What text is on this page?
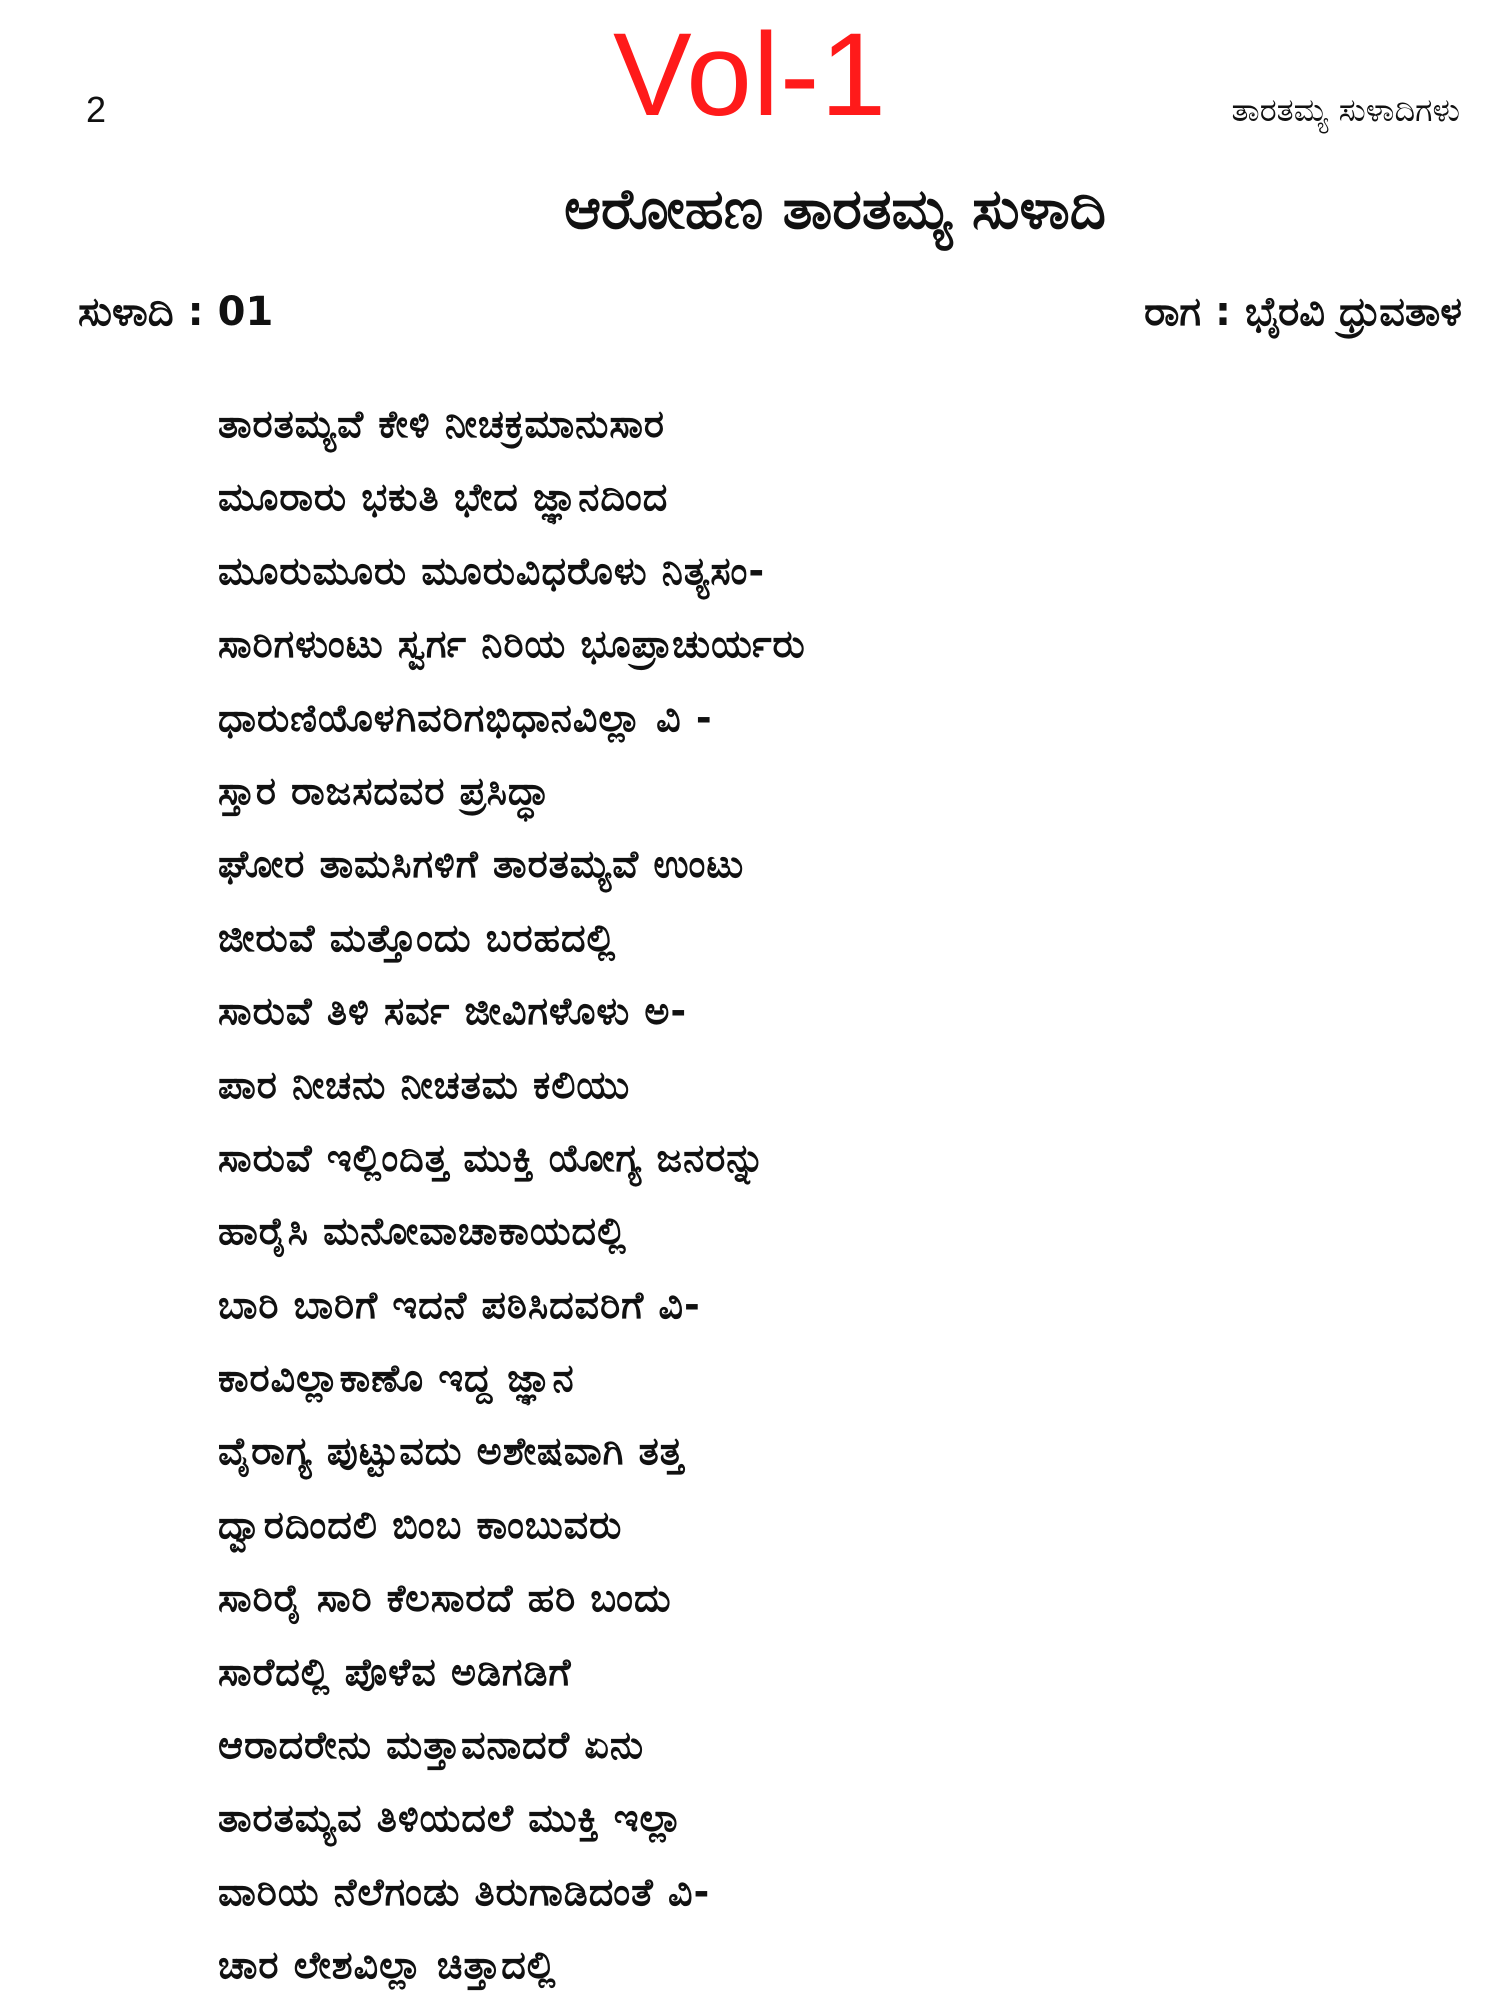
Vol-1
2	ತಾರತಮ್ಯ ಸುಳಾದಿಗಳು
ಆರೋಹಣ ತಾರತಮ್ಯ ಸುಳಾದಿ
ಸುಳಾದಿ : 01	ರಾಗ : ಭೈರವಿ ಧ್ರುವತಾಳ
ತಾರತಮ್ಯವೆ ಕೇಳಿ ನೀಚಕ್ರಮಾನುಸಾರ
ಮೂರಾರು ಭಕುತಿ ಭೇದ ಜ್ಞಾನದಿಂದ
ಮೂರುಮೂರು ಮೂರುವಿಧರೊಳು ನಿತ್ಯಸಂ-
ಸಾರಿಗಳುಂಟು ಸ್ವರ್ಗ ನಿರಿಯ ಭೂಪ್ರಾಚುರ್ಯರು
ಧಾರುಣಿಯೊಳಗಿವರಿಗಭಿಧಾನವಿಲ್ಲಾ ವಿ -
ಸ್ತಾರ ರಾಜಸದವರ ಪ್ರಸಿದ್ಧಾ
ಘೋರ ತಾಮಸಿಗಳಿಗೆ ತಾರತಮ್ಯವೆ ಉಂಟು
ಜೀರುವೆ ಮತ್ತೊಂದು ಬರಹದಲ್ಲಿ
ಸಾರುವೆ ತಿಳಿ ಸರ್ವ ಜೀವಿಗಳೊಳು ಅ-
ಪಾರ ನೀಚನು ನೀಚತಮ ಕಲಿಯು
ಸಾರುವೆ ಇಲ್ಲಿಂದಿತ್ತ ಮುಕ್ತಿ ಯೋಗ್ಯ ಜನರನ್ನು
ಹಾರೈಸಿ ಮನೋವಾಚಾಕಾಯದಲ್ಲಿ
ಬಾರಿ ಬಾರಿಗೆ ಇದನೆ ಪಠಿಸಿದವರಿಗೆ ವಿ-
ಕಾರವಿಲ್ಲಾಕಾಣೊ ಇದ್ದ ಜ್ಞಾನ
ವೈರಾಗ್ಯ ಪುಟ್ಟುವದು ಅಶೇಷವಾಗಿ ತತ್ತ
ದ್ವಾರದಿಂದಲಿ ಬಿಂಬ ಕಾಂಬುವರು
ಸಾರಿರೈ ಸಾರಿ ಕೆಲಸಾರದೆ ಹರಿ ಬಂದು
ಸಾರೆದಲ್ಲಿ ಪೊಳೆವ ಅಡಿಗಡಿಗೆ
ಆರಾದರೇನು ಮತ್ತಾವನಾದರೆ ಏನು
ತಾರತಮ್ಯವ ತಿಳಿಯದಲೆ ಮುಕ್ತಿ ಇಲ್ಲಾ
ವಾರಿಯ ನೆಲೆಗಂಡು ತಿರುಗಾಡಿದಂತೆ ವಿ-
ಚಾರ ಲೇಶವಿಲ್ಲಾ ಚಿತ್ತಾದಲ್ಲಿ
